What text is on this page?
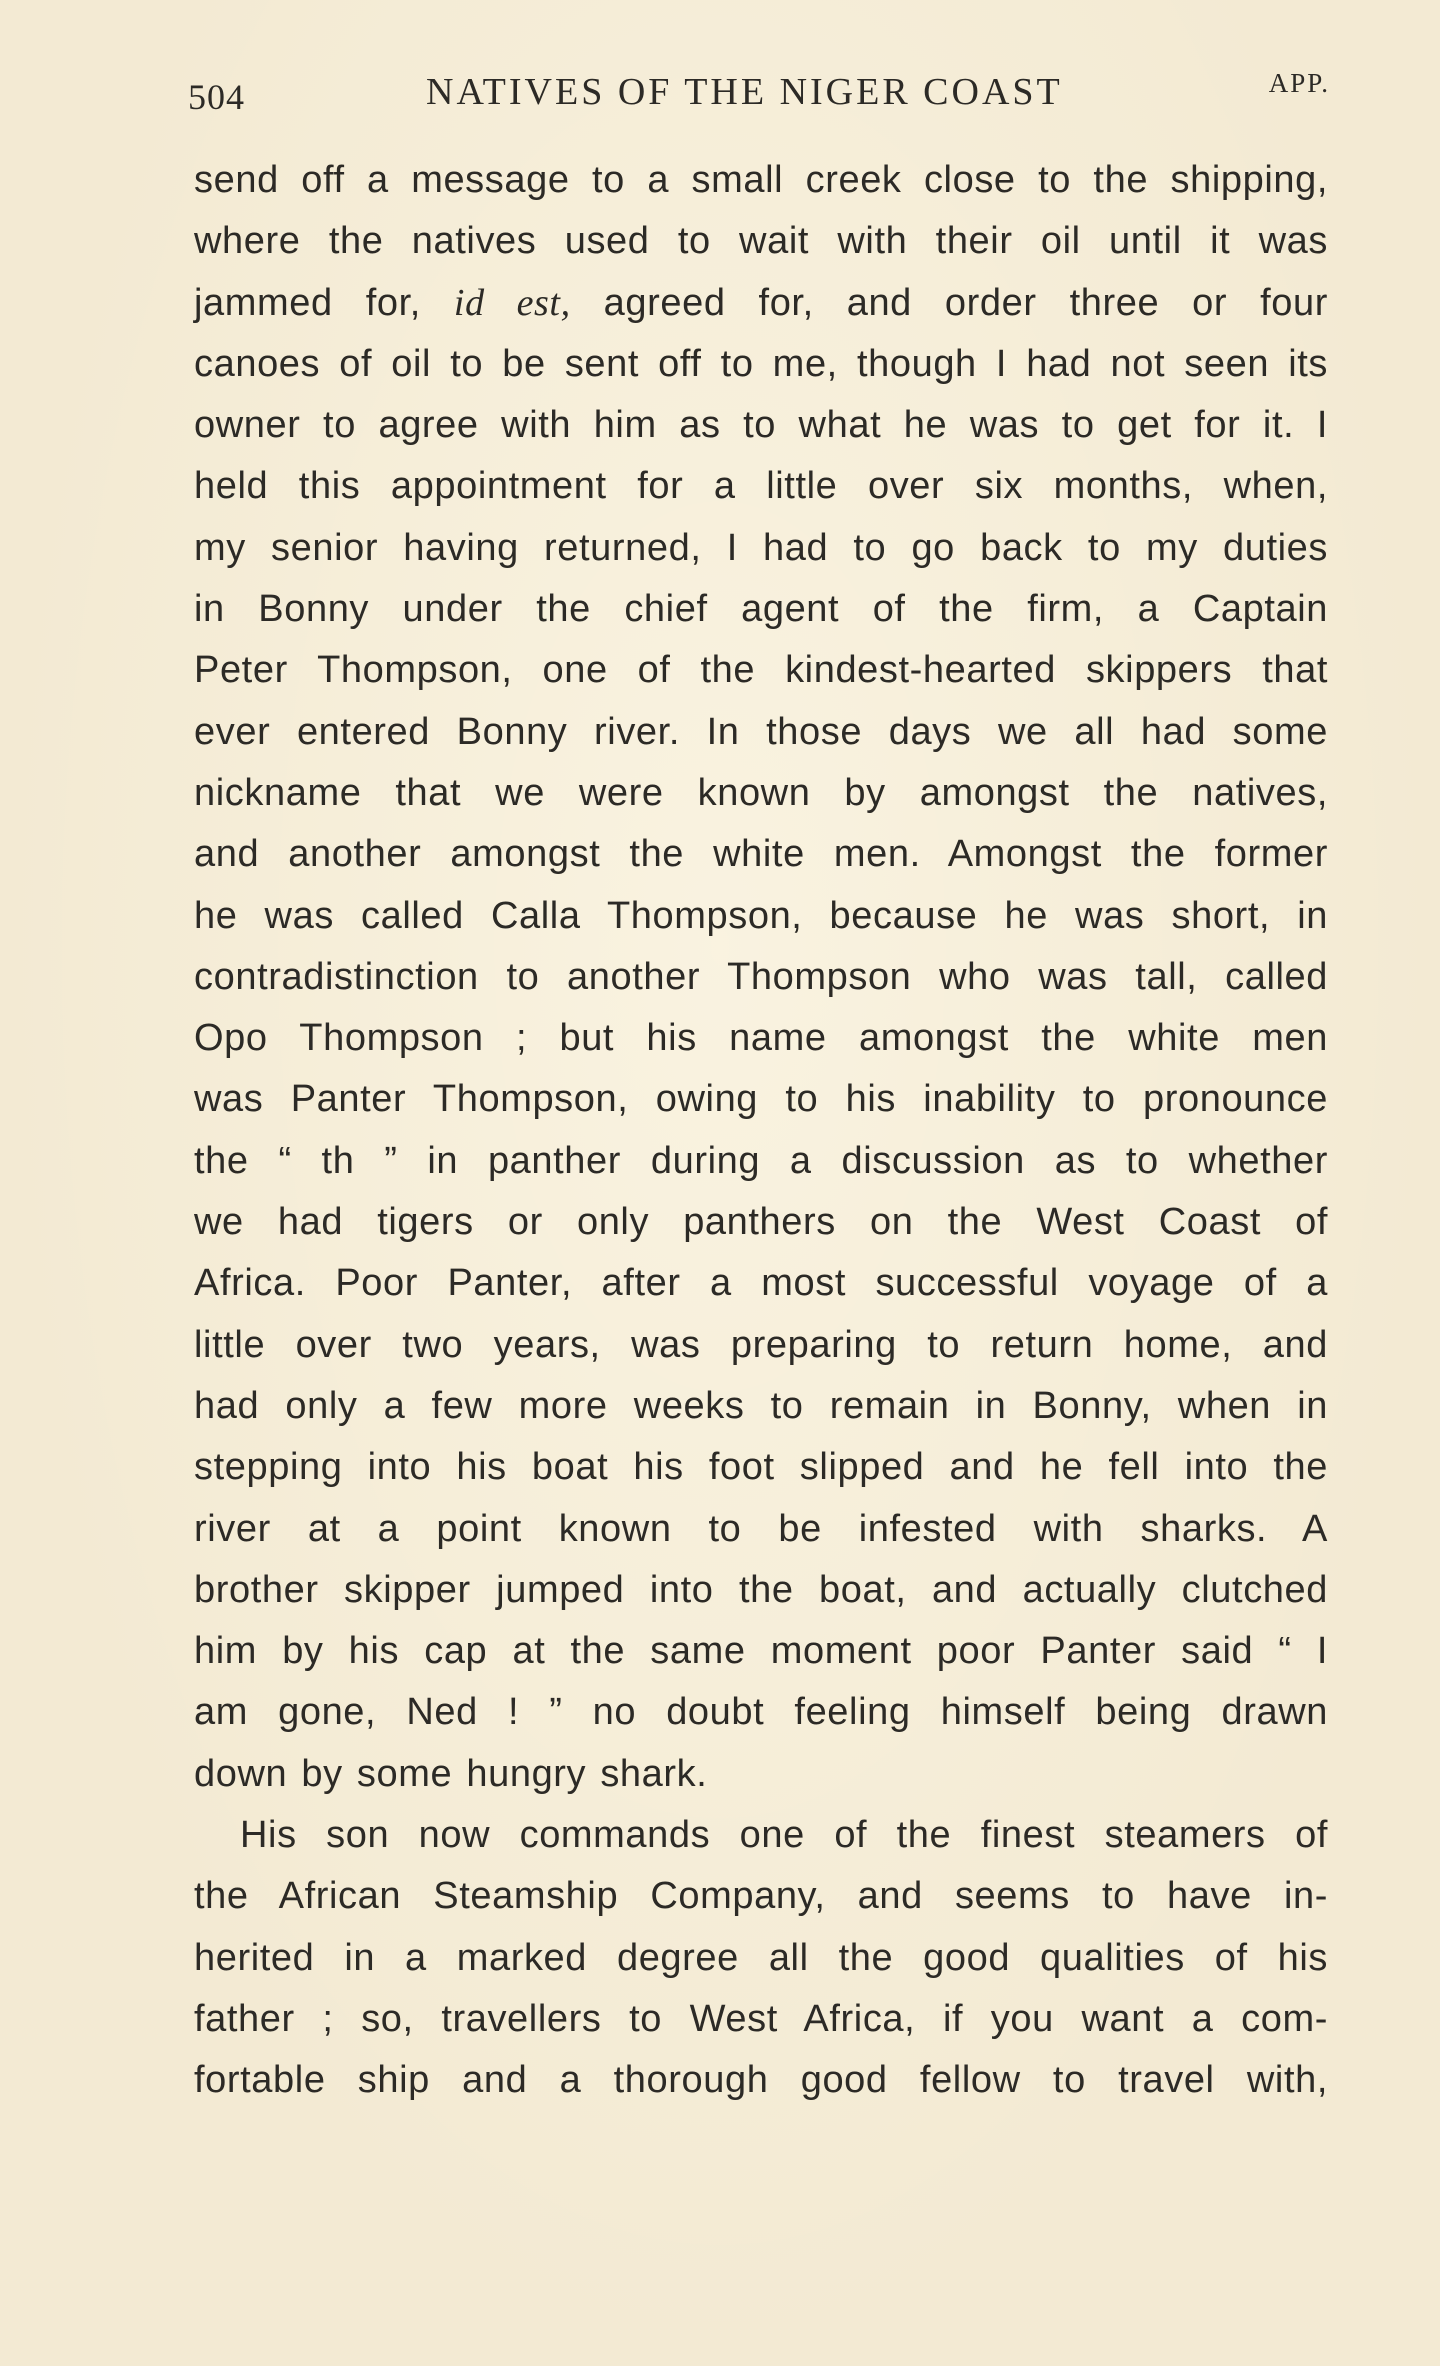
504	NATIVES OF THE NIGER COAST	APP.
send off a message to a small creek close to the shipping,
where the natives used to wait with their oil until it was
jammed for, id est, agreed for, and order three or four
canoes of oil to be sent off to me, though I had not seen its
owner to agree with him as to what he was to get for it. I
held this appointment for a little over six months, when,
my senior having returned, I had to go back to my duties
in Bonny under the chief agent of the firm, a Captain
Peter Thompson, one of the kindest-hearted skippers that
ever entered Bonny river. In those days we all had some
nickname that we were known by amongst the natives,
and another amongst the white men. Amongst the former
he was called Calla Thompson, because he was short, in
contradistinction to another Thompson who was tall, called
Opo Thompson ; but his name amongst the white men
was Panter Thompson, owing to his inability to pronounce
the “ th ” in panther during a discussion as to whether
we had tigers or only panthers on the West Coast of
Africa. Poor Panter, after a most successful voyage of a
little over two years, was preparing to return home, and
had only a few more weeks to remain in Bonny, when in
stepping into his boat his foot slipped and he fell into the
river at a point known to be infested with sharks. A
brother skipper jumped into the boat, and actually clutched
him by his cap at the same moment poor Panter said “ I
am gone, Ned ! ” no doubt feeling himself being drawn
down by some hungry shark.
His son now commands one of the finest steamers of
the African Steamship Company, and seems to have in-
herited in a marked degree all the good qualities of his
father ; so, travellers to West Africa, if you want a com-
fortable ship and a thorough good fellow to travel with,
